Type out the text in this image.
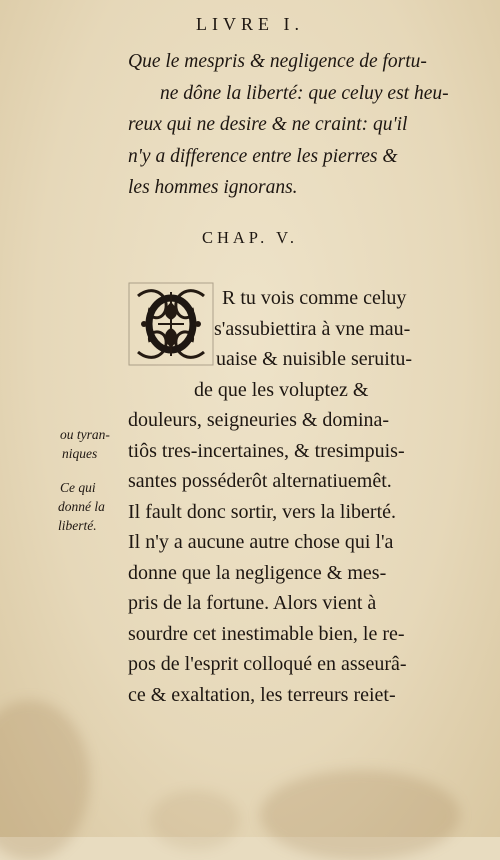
LIVRE I.
Que le mespris & negligence de fortu-
ne dône la liberté: que celuy est heu-
reux qui ne desire & ne craint: qu'il
n'y a difference entre les pierres &
les hommes ignorans.
CHAP. V.
R tu vois comme celuy
s'assubiettira à vne mau-
uaise & nuisible seruitu-
de que les voluptez &
douleurs, seigneuries & domina-
tiôs tres-incertaines, & tresimpuis-
santes posséderôt alternatiuemêt.
Il fault donc sortir, vers la liberté.
Il n'y a aucune autre chose qui l'a
donne que la negligence & mes-
pris de la fortune. Alors vient à
sourdre cet inestimable bien, le re-
pos de l'esprit colloqué en asseurâ-
ce & exaltation, les terreurs reiet-
ou tyran-
niques
Ce qui
donné la
liberté.
